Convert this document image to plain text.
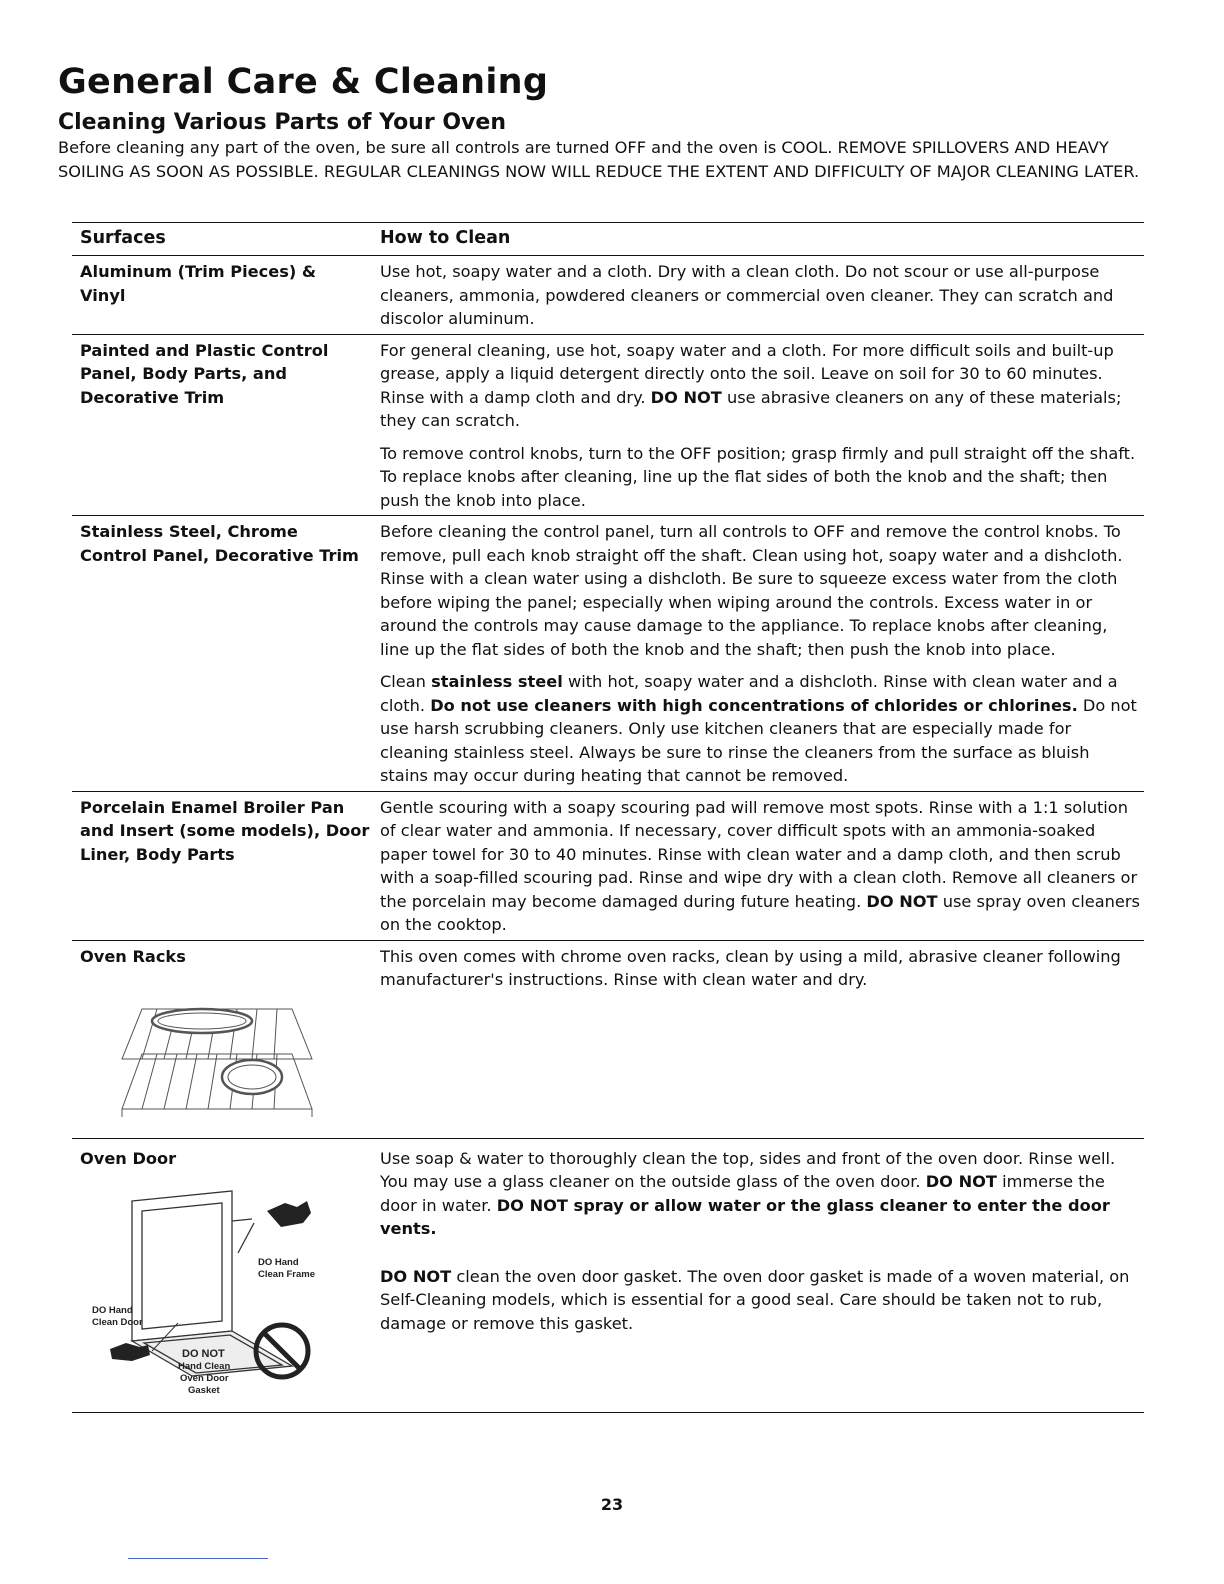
General Care & Cleaning
Cleaning Various Parts of Your Oven

Before cleaning any part of the oven, be sure all controls are turned OFF and the oven is COOL. REMOVE SPILLOVERS AND HEAVY SOILING AS SOON AS POSSIBLE. REGULAR CLEANINGS NOW WILL REDUCE THE EXTENT AND DIFFICULTY OF MAJOR CLEANING LATER.

Surfaces	How to Clean
Aluminum (Trim Pieces) & Vinyl

Use hot, soapy water and a cloth. Dry with a clean cloth. Do not scour or use all-purpose cleaners, ammonia, powdered cleaners or commercial oven cleaner. They can scratch and discolor aluminum.

Painted and Plastic Control Panel, Body Parts, and Decorative Trim

For general cleaning, use hot, soapy water and a cloth. For more difficult soils and built-up grease, apply a liquid detergent directly onto the soil. Leave on soil for 30 to 60 minutes. Rinse with a damp cloth and dry. DO NOT use abrasive cleaners on any of these materials; they can scratch.

To remove control knobs, turn to the OFF position; grasp firmly and pull straight off the shaft. To replace knobs after cleaning, line up the flat sides of both the knob and the shaft; then push the knob into place.

Stainless Steel, Chrome Control Panel, Decorative Trim

Before cleaning the control panel, turn all controls to OFF and remove the control knobs. To remove, pull each knob straight off the shaft. Clean using hot, soapy water and a dishcloth. Rinse with a clean water using a dishcloth. Be sure to squeeze excess water from the cloth before wiping the panel; especially when wiping around the controls. Excess water in or around the controls may cause damage to the appliance. To replace knobs after cleaning, line up the flat sides of both the knob and the shaft; then push the knob into place.

Clean stainless steel with hot, soapy water and a dishcloth. Rinse with clean water and a cloth. Do not use cleaners with high concentrations of chlorides or chlorines. Do not use harsh scrubbing cleaners. Only use kitchen cleaners that are especially made for cleaning stainless steel. Always be sure to rinse the cleaners from the surface as bluish stains may occur during heating that cannot be removed.

Porcelain Enamel Broiler Pan and Insert (some models), Door Liner, Body Parts

Gentle scouring with a soapy scouring pad will remove most spots. Rinse with a 1:1 solution of clear water and ammonia. If necessary, cover difficult spots with an ammonia-soaked paper towel for 30 to 40 minutes. Rinse with clean water and a damp cloth, and then scrub with a soap-filled scouring pad. Rinse and wipe dry with a clean cloth. Remove all cleaners or the porcelain may become damaged during future heating. DO NOT use spray oven cleaners on the cooktop.

Oven Racks	This oven comes with chrome oven racks, clean by using a mild, abrasive cleaner following manufacturer's instructions. Rinse with clean water and dry.

Oven Door
DO Hand
Clean Frame
DO Hand
Clean Door
DO NOT
Hand Clean
Oven Door
Gasket

Use soap & water to thoroughly clean the top, sides and front of the oven door. Rinse well. You may use a glass cleaner on the outside glass of the oven door. DO NOT immerse the door in water. DO NOT spray or allow water or the glass cleaner to enter the door vents.

DO NOT clean the oven door gasket. The oven door gasket is made of a woven material, on Self-Cleaning models, which is essential for a good seal. Care should be taken not to rub, damage or remove this gasket.

23
